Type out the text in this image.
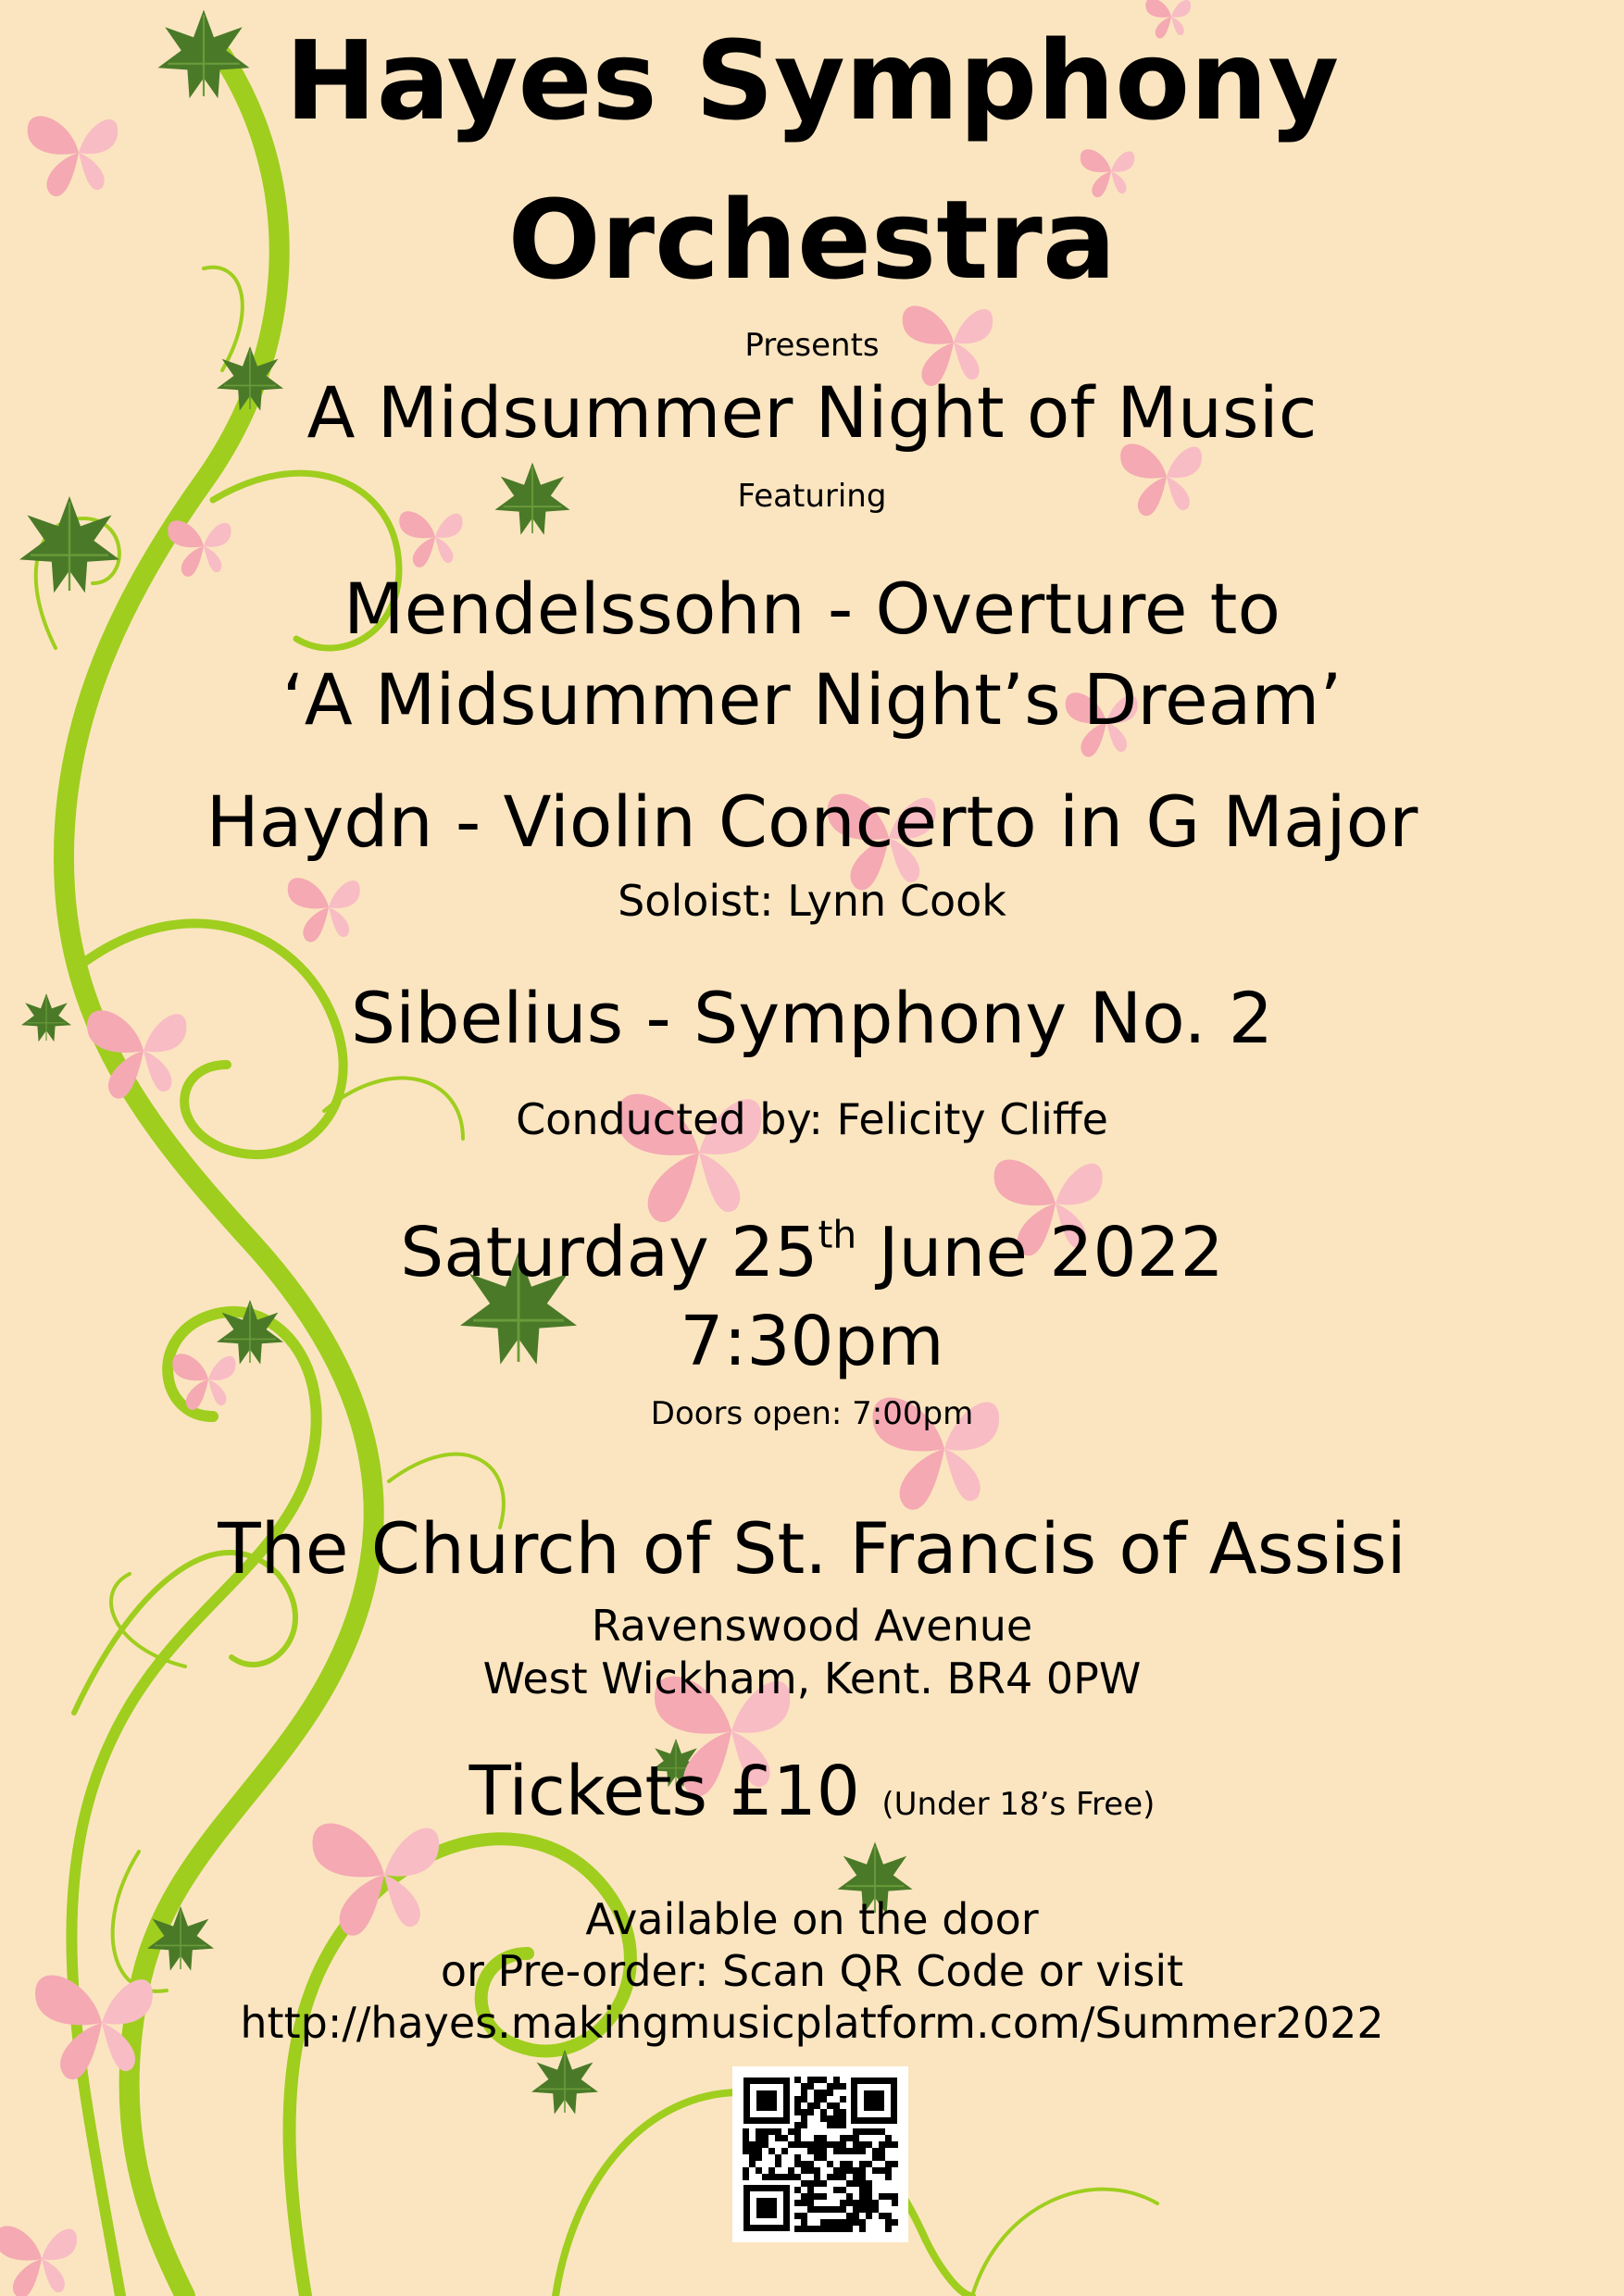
Hayes Symphony
Orchestra
Presents
A Midsummer Night of Music
Featuring
Mendelssohn - Overture to
‘A Midsummer Night’s Dream’
Haydn - Violin Concerto in G Major
Soloist: Lynn Cook
Sibelius - Symphony No. 2
Conducted by: Felicity Cliffe
Saturday 25th June 2022
7:30pm
Doors open: 7:00pm
The Church of St. Francis of Assisi
Ravenswood Avenue
West Wickham, Kent. BR4 0PW
Tickets £10 (Under 18’s Free)
Available on the door
or Pre-order: Scan QR Code or visit
http://hayes.makingmusicplatform.com/Summer2022
